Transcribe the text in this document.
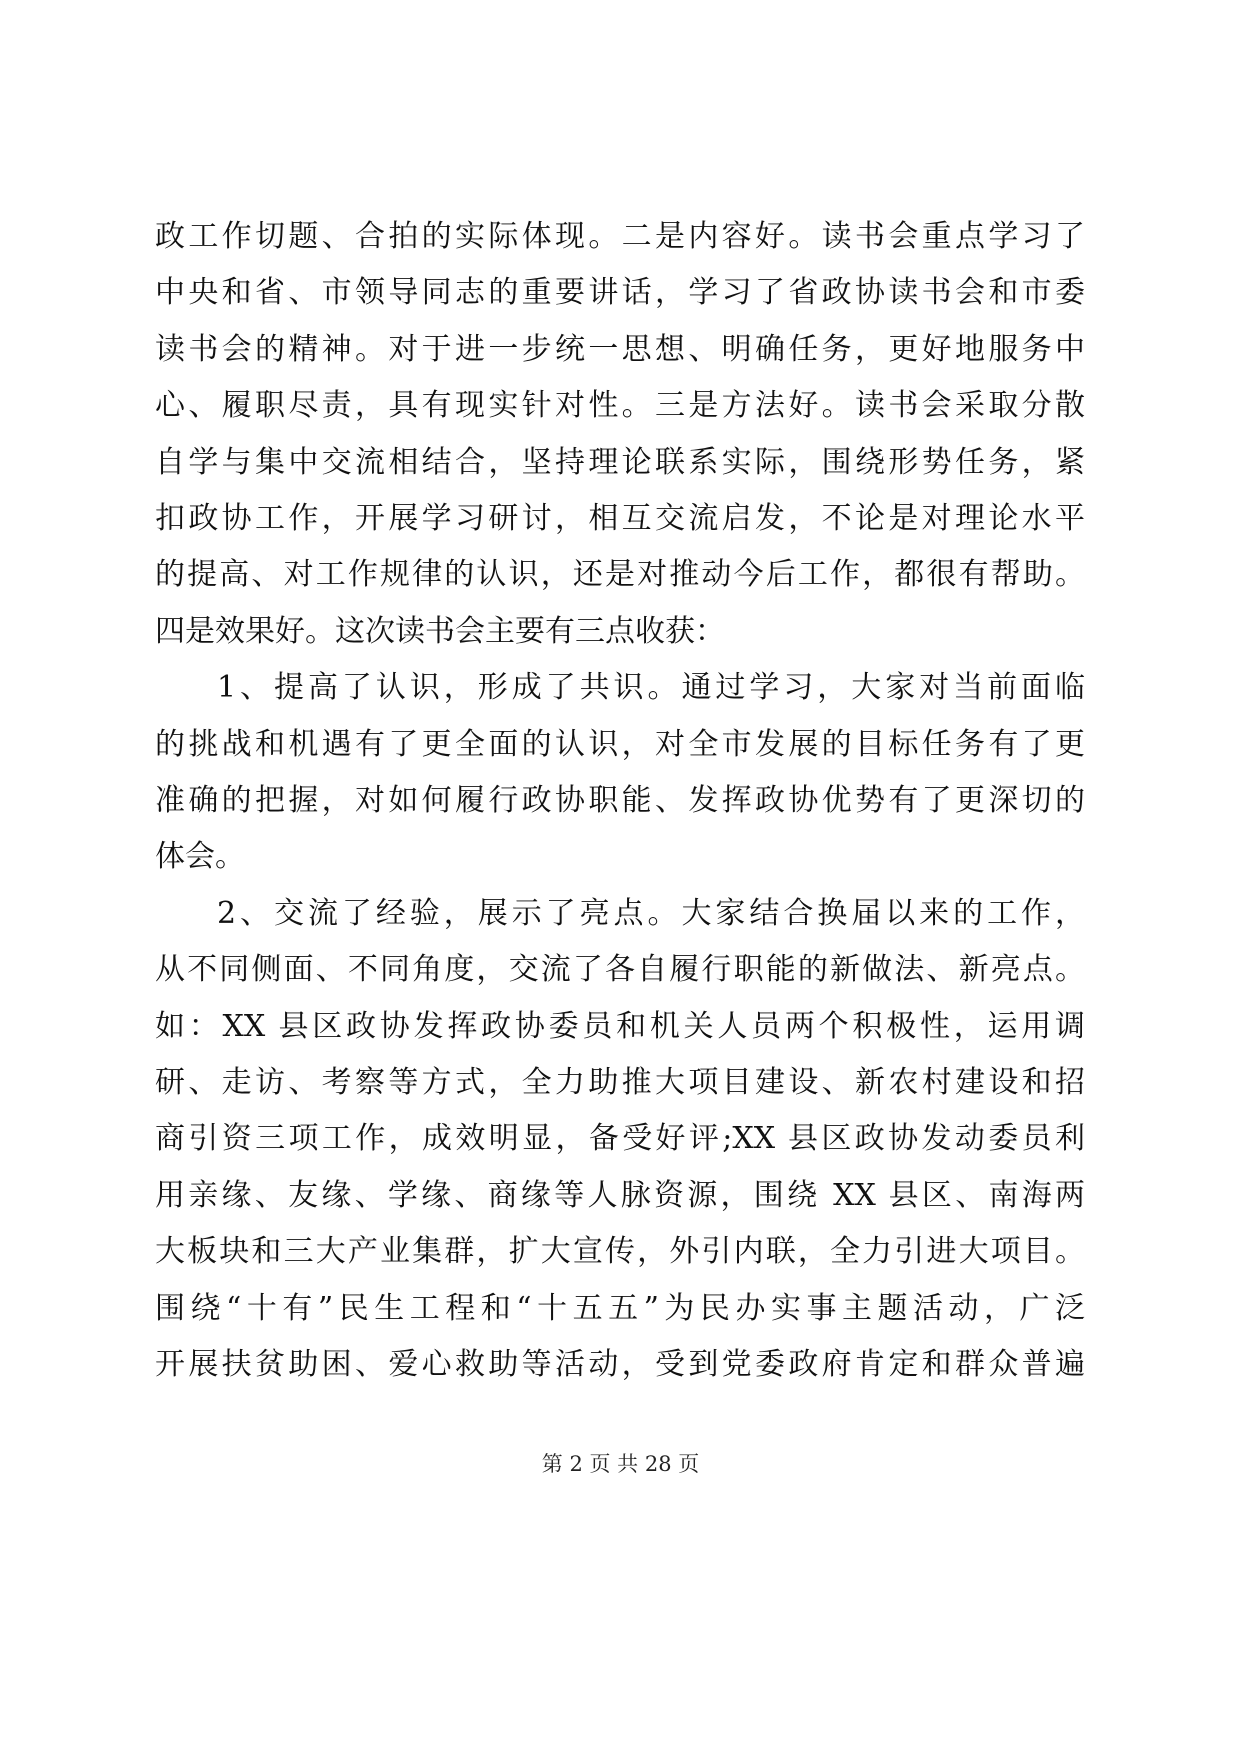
政工作切题、合拍的实际体现。二是内容好。读书会重点学习了
中央和省、市领导同志的重要讲话，学习了省政协读书会和市委
读书会的精神。对于进一步统一思想、明确任务，更好地服务中
心、履职尽责，具有现实针对性。三是方法好。读书会采取分散
自学与集中交流相结合，坚持理论联系实际，围绕形势任务，紧
扣政协工作，开展学习研讨，相互交流启发，不论是对理论水平
的提高、对工作规律的认识，还是对推动今后工作，都很有帮助。
四是效果好。这次读书会主要有三点收获：
1、提高了认识，形成了共识。通过学习，大家对当前面临
的挑战和机遇有了更全面的认识，对全市发展的目标任务有了更
准确的把握，对如何履行政协职能、发挥政协优势有了更深切的
体会。
2、交流了经验，展示了亮点。大家结合换届以来的工作，
从不同侧面、不同角度，交流了各自履行职能的新做法、新亮点。
如：XX 县区政协发挥政协委员和机关人员两个积极性，运用调
研、走访、考察等方式，全力助推大项目建设、新农村建设和招
商引资三项工作，成效明显，备受好评;XX 县区政协发动委员利
用亲缘、友缘、学缘、商缘等人脉资源，围绕 XX 县区、南海两
大板块和三大产业集群，扩大宣传，外引内联，全力引进大项目。
围绕“十有”民生工程和“十五五”为民办实事主题活动，广泛
开展扶贫助困、爱心救助等活动，受到党委政府肯定和群众普遍
第 2 页 共 28 页
